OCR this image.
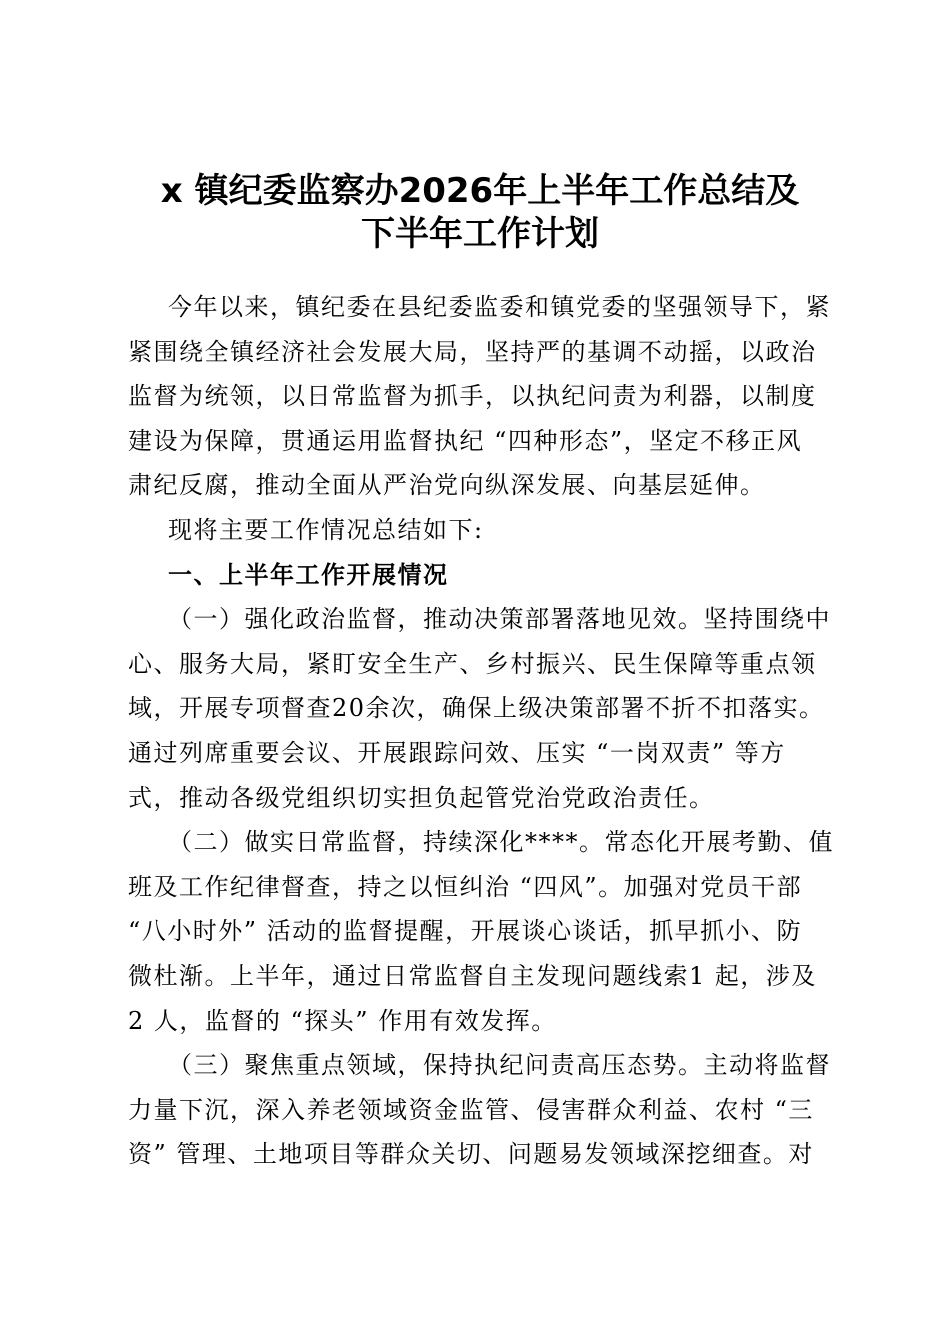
x 镇纪委监察办2026年上半年工作总结及
下半年工作计划
今年以来，镇纪委在县纪委监委和镇党委的坚强领导下，紧
紧围绕全镇经济社会发展大局，坚持严的基调不动摇，以政治
监督为统领，以日常监督为抓手，以执纪问责为利器，以制度
建设为保障，贯通运用监督执纪 “四种形态”，坚定不移正风
肃纪反腐，推动全面从严治党向纵深发展、向基层延伸。
现将主要工作情况总结如下:
一、上半年工作开展情况
（一）强化政治监督，推动决策部署落地见效。坚持围绕中
心、服务大局，紧盯安全生产、乡村振兴、民生保障等重点领
域，开展专项督查20余次，确保上级决策部署不折不扣落实。
通过列席重要会议、开展跟踪问效、压实 “一岗双责” 等方
式，推动各级党组织切实担负起管党治党政治责任。
（二）做实日常监督，持续深化****。常态化开展考勤、值
班及工作纪律督查，持之以恒纠治 “四风”。加强对党员干部
“八小时外” 活动的监督提醒，开展谈心谈话，抓早抓小、防
微杜渐。上半年，通过日常监督自主发现问题线索1 起，涉及
2 人，监督的 “探头” 作用有效发挥。
（三）聚焦重点领域，保持执纪问责高压态势。主动将监督
力量下沉，深入养老领域资金监管、侵害群众利益、农村 “三
资” 管理、土地项目等群众关切、问题易发领域深挖细查。对
